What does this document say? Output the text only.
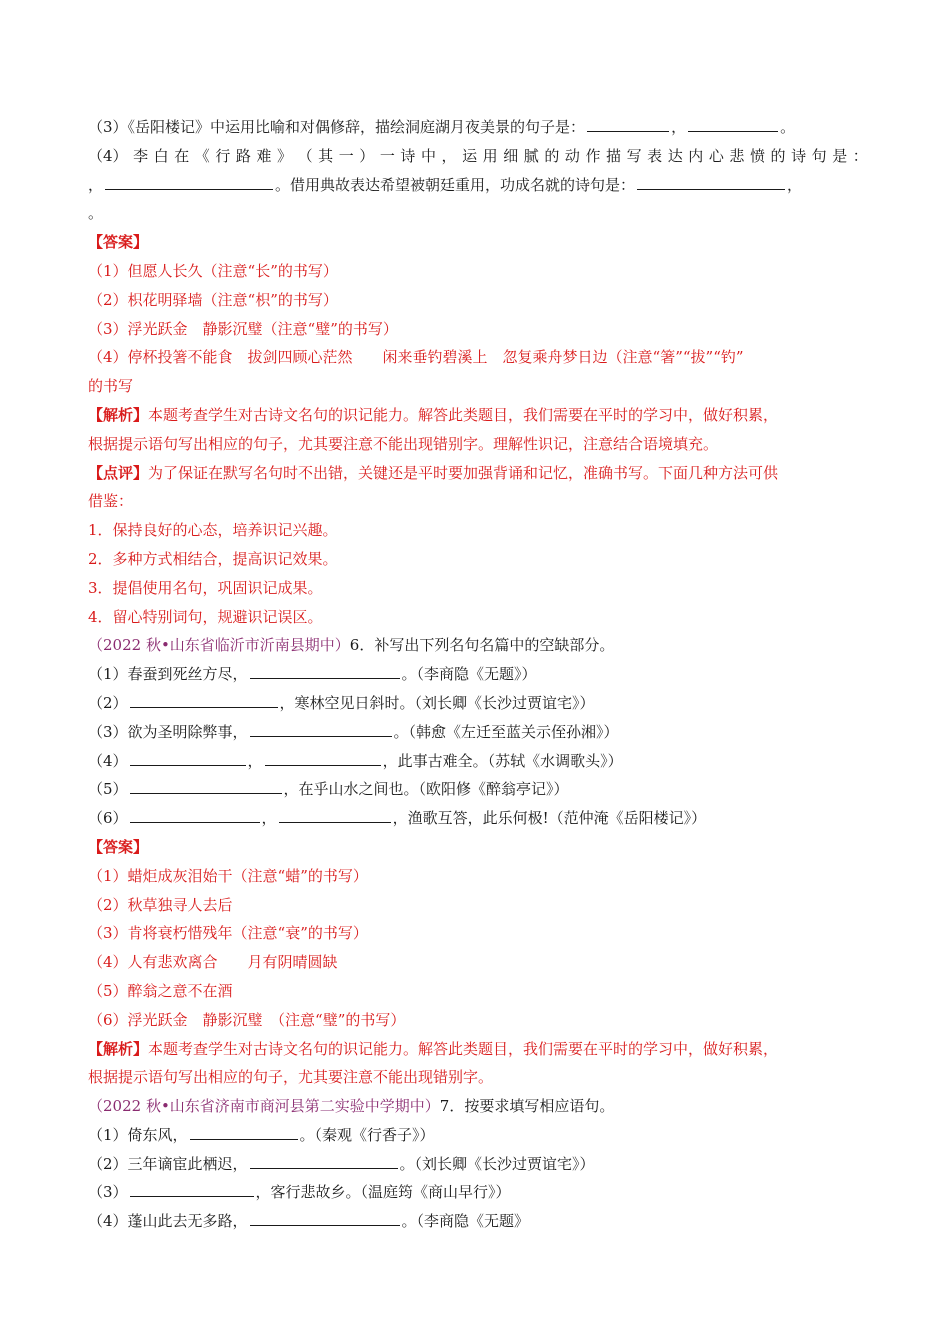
（3）《岳阳楼记》中运用比喻和对偶修辞，描绘洞庭湖月夜美景的句子是：	，	。
（4） 李 白 在 《 行 路 难 》 （ 其 一 ） 一 诗 中 ， 运 用 细 腻 的 动 作 描 写 表 达 内 心 悲 愤 的 诗 句 是 ：
，	。借用典故表达希望被朝廷重用，功成名就的诗句是：	，
。
【答案】
（1）但愿人长久（注意“长”的书写）
（2）枳花明驿墙（注意“枳”的书写）
（3）浮光跃金　静影沉璧（注意“璧”的书写）
（4）停杯投箸不能食　拔剑四顾心茫然　　闲来垂钓碧溪上　忽复乘舟梦日边（注意“箸”“拔”“钓”
的书写
【解析】本题考查学生对古诗文名句的识记能力。解答此类题目，我们需要在平时的学习中，做好积累，
根据提示语句写出相应的句子，尤其要注意不能出现错别字。理解性识记，注意结合语境填充。
【点评】为了保证在默写名句时不出错，关键还是平时要加强背诵和记忆，准确书写。下面几种方法可供
借鉴：
1．保持良好的心态，培养识记兴趣。
2．多种方式相结合，提高识记效果。
3．提倡使用名句，巩固识记成果。
4．留心特别词句，规避识记误区。
（2022 秋•山东省临沂市沂南县期中）6．补写出下列名句名篇中的空缺部分。
（1）春蚕到死丝方尽，	。（李商隐《无题》）
（2）	，寒林空见日斜时。（刘长卿《长沙过贾谊宅》）
（3）欲为圣明除弊事，	。（韩愈《左迁至蓝关示侄孙湘》）
（4）	，	，此事古难全。（苏轼《水调歌头》）
（5）	，在乎山水之间也。（欧阳修《醉翁亭记》）
（6）	，	，渔歌互答，此乐何极!（范仲淹《岳阳楼记》）
【答案】
（1）蜡炬成灰泪始干（注意“蜡”的书写）
（2）秋草独寻人去后
（3）肯将衰朽惜残年（注意“衰”的书写）
（4）人有悲欢离合　　月有阴晴圆缺
（5）醉翁之意不在酒
（6）浮光跃金　静影沉璧　（注意“璧”的书写）
【解析】本题考查学生对古诗文名句的识记能力。解答此类题目，我们需要在平时的学习中，做好积累，
根据提示语句写出相应的句子，尤其要注意不能出现错别字。
（2022 秋•山东省济南市商河县第二实验中学期中）7．按要求填写相应语句。
（1）倚东风，	。（秦观《行香子》）
（2）三年谪宦此栖迟，	。（刘长卿《长沙过贾谊宅》）
（3）	，客行悲故乡。（温庭筠《商山早行》）
（4）蓬山此去无多路，	。（李商隐《无题》
